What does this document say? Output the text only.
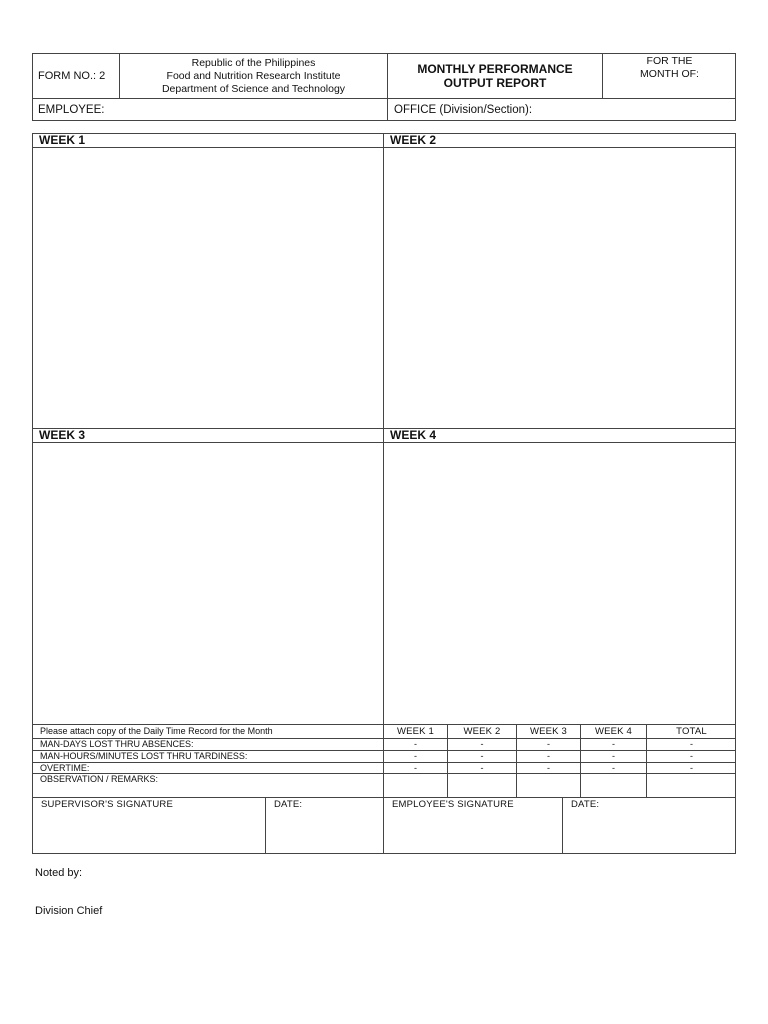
FORM NO.: 2
Republic of the Philippines
Food and Nutrition Research Institute
Department of Science and Technology
MONTHLY PERFORMANCE
OUTPUT REPORT
FOR THE
MONTH OF:
EMPLOYEE:	OFFICE (Division/Section):
WEEK 1	WEEK 2
WEEK 3	WEEK 4
Please attach copy of the Daily Time Record for the Month	WEEK 1	WEEK 2	WEEK 3	WEEK 4	TOTAL
MAN-DAYS LOST THRU ABSENCES:	-	-	-	-	-
MAN-HOURS/MINUTES LOST THRU TARDINESS:	-	-	-	-	-
OVERTIME:	-	-	-	-	-
OBSERVATION / REMARKS:
SUPERVISOR'S SIGNATURE	DATE:	EMPLOYEE'S SIGNATURE	DATE:
Noted by:
Division Chief
